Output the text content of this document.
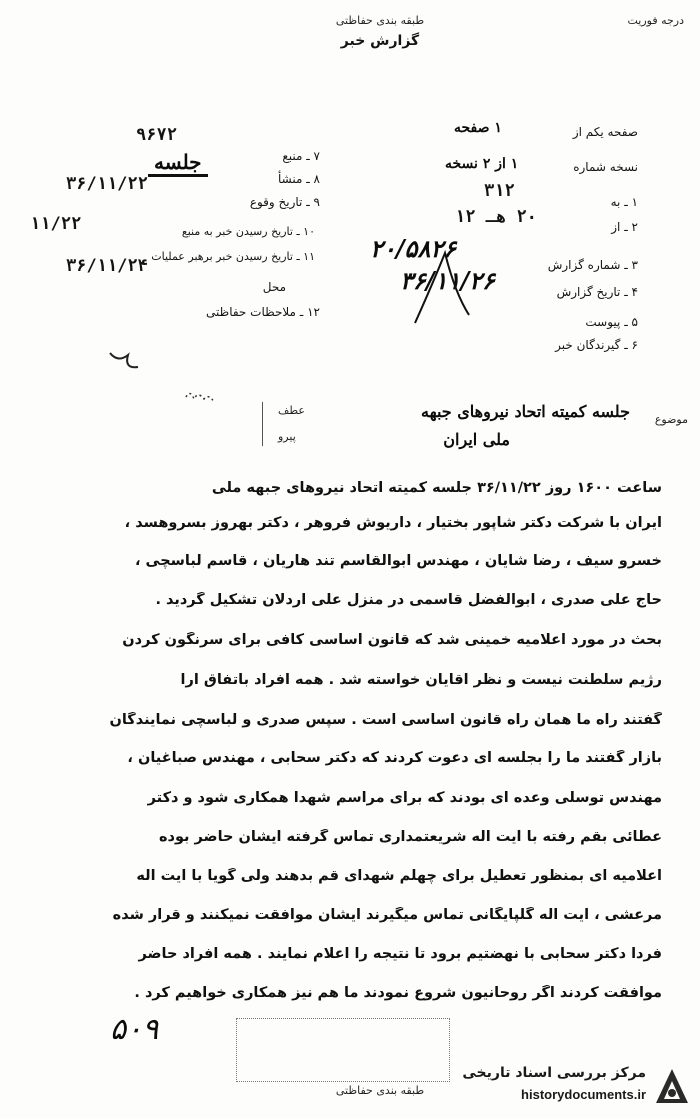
درجه فوریت
طبقه بندی حفاظتی
گزارش خبر
۷ ـ منبع
۹۶۷۲
۸ ـ منشأ
جلسه
۹ ـ تاریخ وقوع
۳۶/۱۱/۲۲
۱۰ ـ تاریخ رسیدن خبر به منبع
۱۱/۲۲
۱۱ ـ تاریخ رسیدن خبر برهبر عملیات
۳۶/۱۱/۲۴
محل
۱۲ ـ ملاحظات حفاظتی
صفحه یکم از
۱ صفحه
نسخه شماره
۱ از ۲ نسخه
۱ ـ به
۳۱۲
۲ ـ از
۲۰ هـ ۱۲
۳ ـ شماره گزارش
۲۰/۵۸۲۶
۴ ـ تاریخ گزارش
۳۶/۱۱/۲۶
۵ ـ پیوست
۶ ـ گیرندگان خبر
موضوع
عطف
پیرو
جلسه کمیته اتحاد نیروهای جبهه
ملی ایران
ساعت ۱۶۰۰ روز ۳۶/۱۱/۲۲ جلسه کمیته اتحاد نیروهای جبهه ملی
ایران با شرکت دکتر شاپور بختیار ، داریوش فروهر ، دکتر بهروز بسروهسد ،
خسرو سیف ، رضا شایان ، مهندس ابوالقاسم تند هاریان ، قاسم لباسچی ،
حاج علی صدری ، ابوالفضل قاسمی در منزل علی اردلان تشکیل گردید .
بحث در مورد اعلامیه خمینی شد که قانون اساسی کافی برای سرنگون کردن
رژیم سلطنت نیست و نظر آقایان خواسته شد . همه افراد باتفاق آرا
گفتند راه ما همان راه قانون اساسی است . سپس صدری و لباسچی نمایندگان
بازار گفتند ما را بجلسه ای دعوت کردند که دکتر سحابی ، مهندس صباغیان ،
مهندس توسلی وعده ای بودند که برای مراسم شهدا همکاری شود و دکتر
عطائی بقم رفته با آیت اله شریعتمداری تماس گرفته ایشان حاضر بوده
اعلامیه ای بمنظور تعطیل برای چهلم شهدای قم بدهند ولی گویا با آیت اله
مرعشی ، آیت اله گلپایگانی تماس میگیرند ایشان موافقت نمیکنند و قرار شده
فردا دکتر سحابی با نهضتیم برود تا نتیجه را اعلام نمایند . همه افراد حاضر
موافقت کردند اگر روحانیون شروع نمودند ما هم نیز همکاری خواهیم کرد .
۵۰۹
طبقه بندی حفاظتی
مرکز بررسی اسناد تاریخی
historydocuments.ir
